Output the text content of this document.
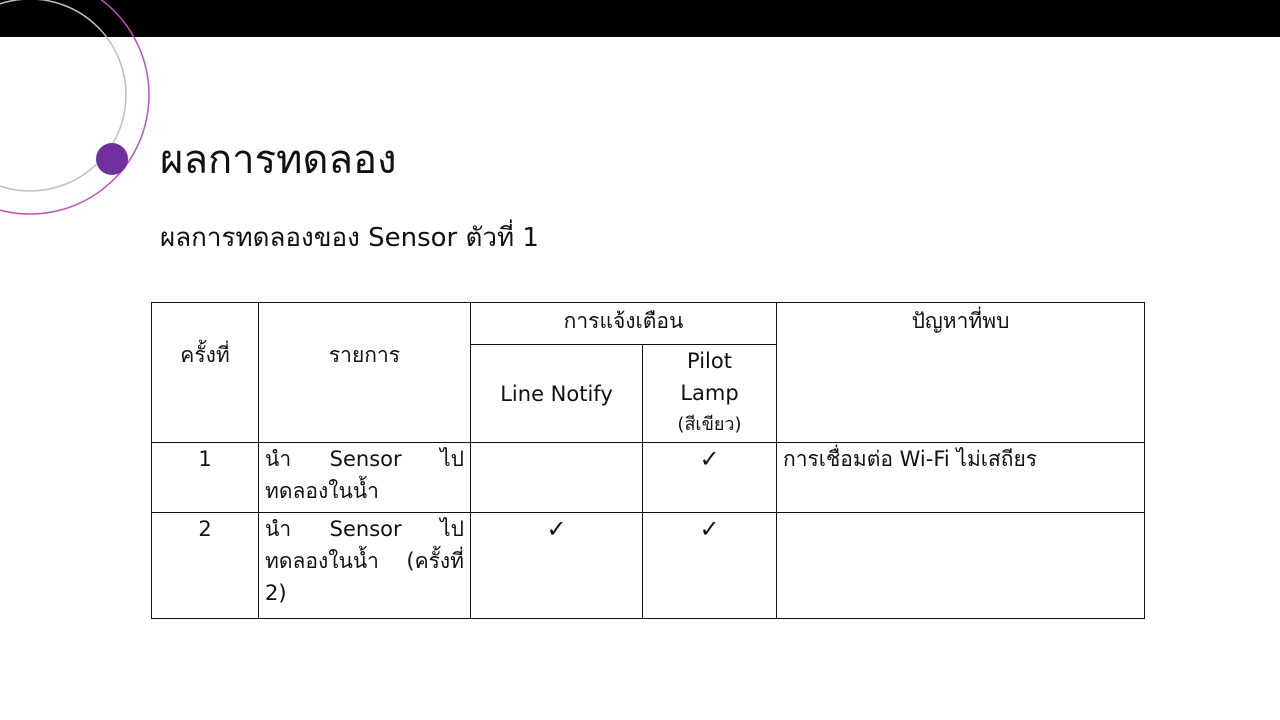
ผลการทดลอง
ผลการทดลองของ Sensor ตัวที่ 1
ครั้งที่	รายการ	การแจ้งเตือน		ปัญหาที่พบ
		Line Notify	Pilot Lamp
(สีเขียว)	

1	นำ Sensor ไป ทดลองในน้ำ		✓	การเชื่อมต่อ Wi-Fi ไม่เสถียร
2	นำ Sensor ไป ทดลองในน้ำ (ครั้งที่ 2)	✓	✓	
